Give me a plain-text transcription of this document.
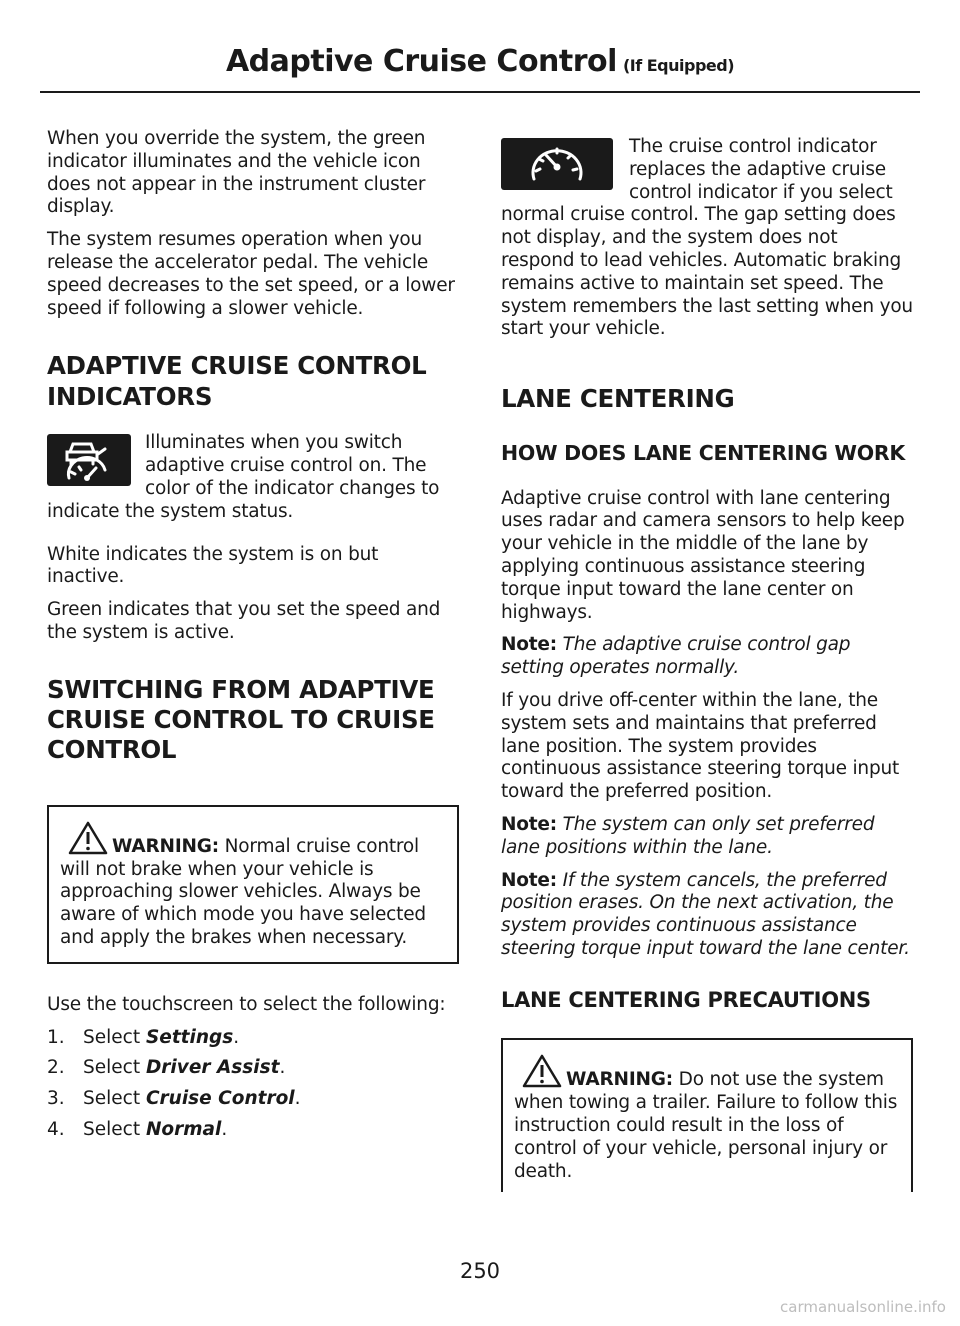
Adaptive Cruise Control (If Equipped)

When you override the system, the green indicator illuminates and the vehicle icon does not appear in the instrument cluster display.

The system resumes operation when you release the accelerator pedal. The vehicle speed decreases to the set speed, or a lower speed if following a slower vehicle.

ADAPTIVE CRUISE CONTROL INDICATORS

Illuminates when you switch adaptive cruise control on. The color of the indicator changes to indicate the system status.

White indicates the system is on but inactive.

Green indicates that you set the speed and the system is active.

SWITCHING FROM ADAPTIVE CRUISE CONTROL TO CRUISE CONTROL

WARNING: Normal cruise control will not brake when your vehicle is approaching slower vehicles. Always be aware of which mode you have selected and apply the brakes when necessary.

Use the touchscreen to select the following:

1. Select Settings.
2. Select Driver Assist.
3. Select Cruise Control.
4. Select Normal.

The cruise control indicator replaces the adaptive cruise control indicator if you select normal cruise control. The gap setting does not display, and the system does not respond to lead vehicles. Automatic braking remains active to maintain set speed. The system remembers the last setting when you start your vehicle.

LANE CENTERING
HOW DOES LANE CENTERING WORK

Adaptive cruise control with lane centering uses radar and camera sensors to help keep your vehicle in the middle of the lane by applying continuous assistance steering torque input toward the lane center on highways.

Note: The adaptive cruise control gap setting operates normally.

If you drive off-center within the lane, the system sets and maintains that preferred lane position. The system provides continuous assistance steering torque input toward the preferred position.

Note: The system can only set preferred lane positions within the lane.

Note: If the system cancels, the preferred position erases. On the next activation, the system provides continuous assistance steering torque input toward the lane center.

LANE CENTERING PRECAUTIONS

WARNING: Do not use the system when towing a trailer. Failure to follow this instruction could result in the loss of control of your vehicle, personal injury or death.

250
carmanualsonline.info
